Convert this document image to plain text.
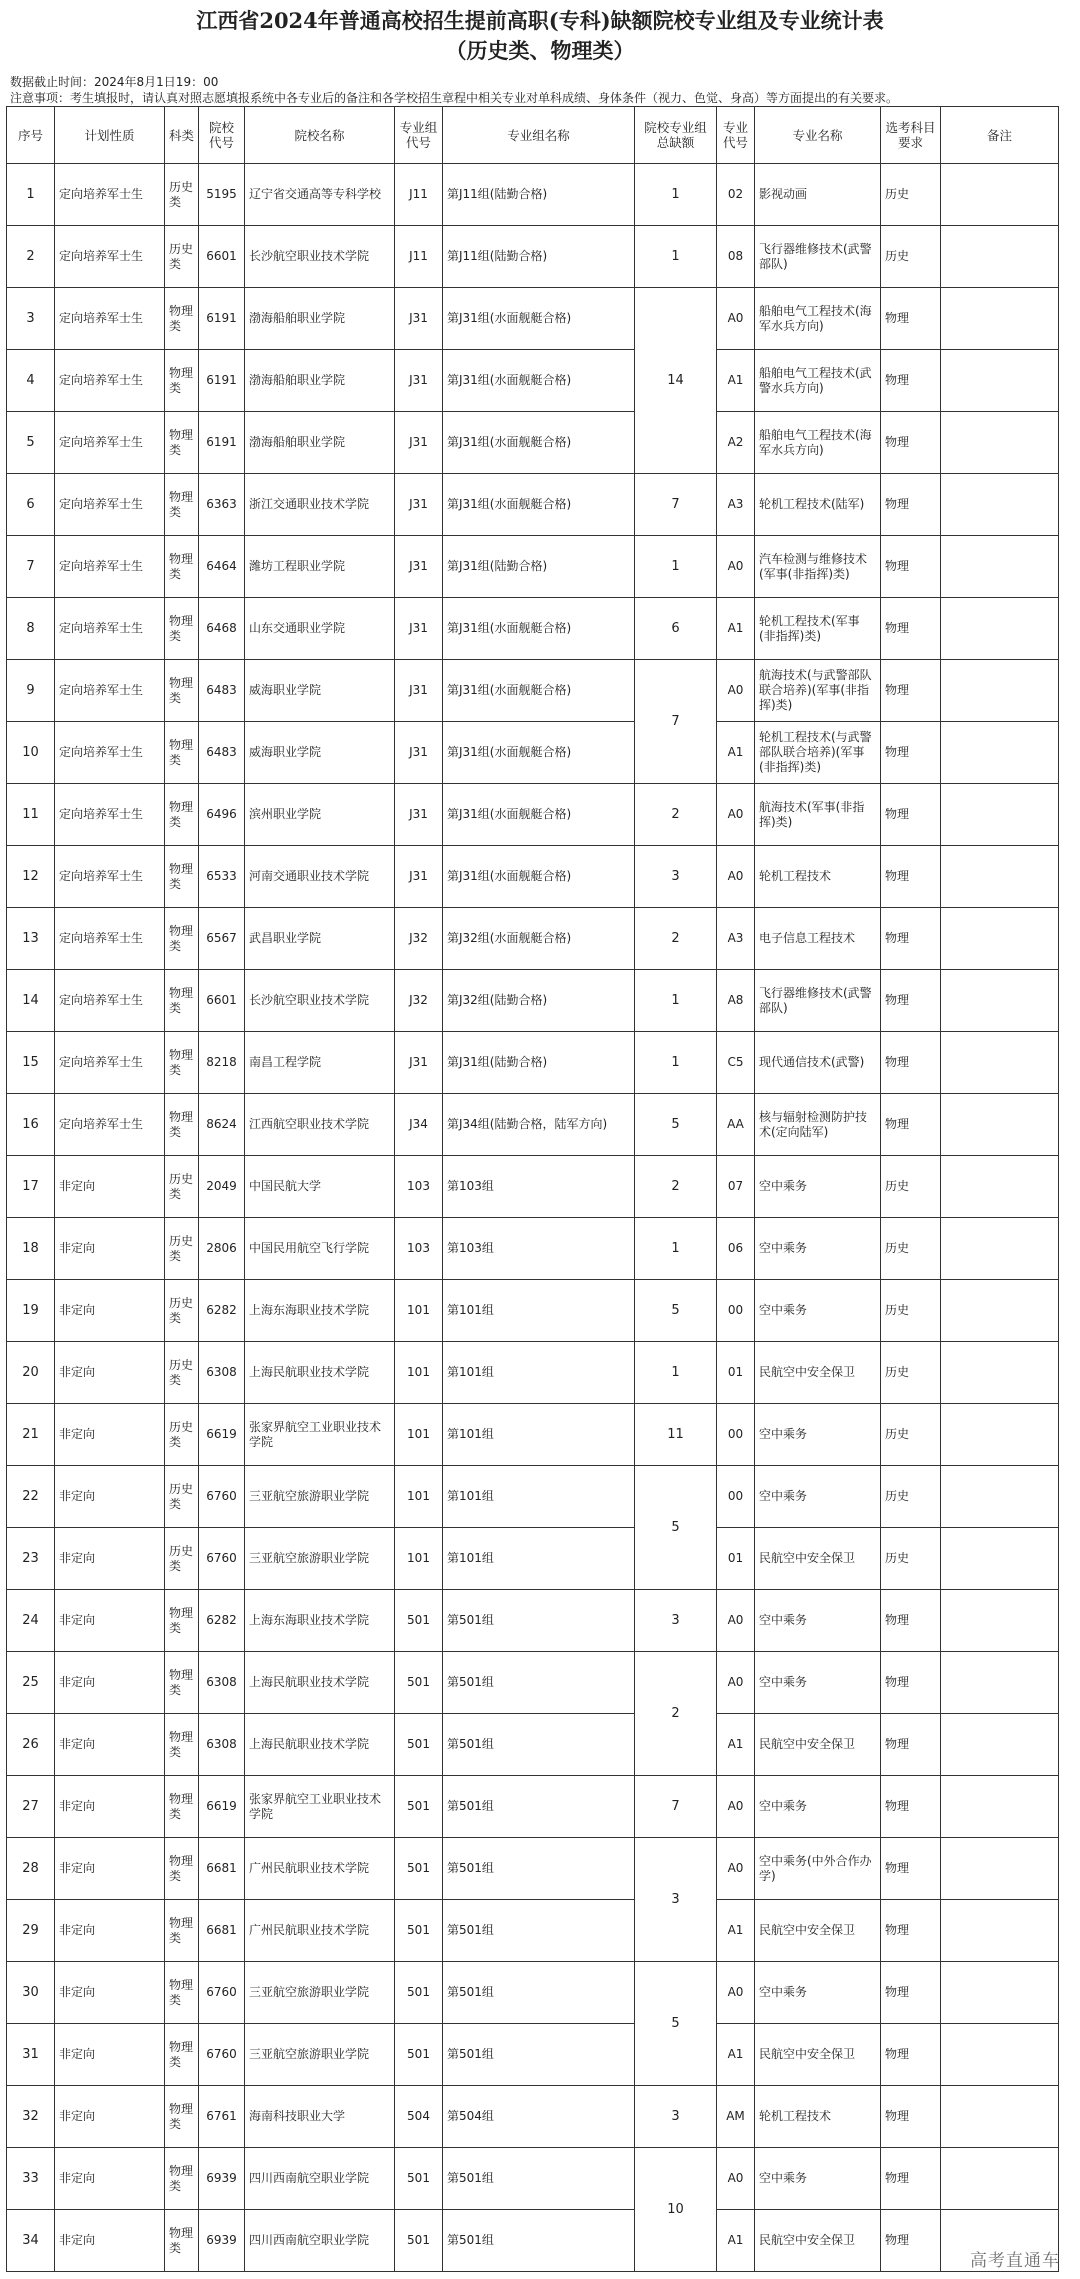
江西省2024年普通高校招生提前高职(专科)缺额院校专业组及专业统计表
（历史类、物理类）
数据截止时间：2024年8月1日19：00
注意事项：考生填报时，请认真对照志愿填报系统中各专业后的备注和各学校招生章程中相关专业对单科成绩、身体条件（视力、色觉、身高）等方面提出的有关要求。
序号	计划性质	科类	院校代号	院校名称	专业组代号	专业组名称	院校专业组总缺额	专业代号	专业名称	选考科目要求	备注
1	定向培养军士生	历史类	5195	辽宁省交通高等专科学校	J11	第J11组(陆勤合格)	1	02	影视动画	历史	
2	定向培养军士生	历史类	6601	长沙航空职业技术学院	J11	第J11组(陆勤合格)	1	08	飞行器维修技术(武警部队)	历史	
3	定向培养军士生	物理类	6191	渤海船舶职业学院	J31	第J31组(水面舰艇合格)	14	A0	船舶电气工程技术(海军水兵方向)	物理	
4	定向培养军士生	物理类	6191	渤海船舶职业学院	J31	第J31组(水面舰艇合格)		A1	船舶电气工程技术(武警水兵方向)	物理	
5	定向培养军士生	物理类	6191	渤海船舶职业学院	J31	第J31组(水面舰艇合格)		A2	船舶电气工程技术(海军水兵方向)	物理	
6	定向培养军士生	物理类	6363	浙江交通职业技术学院	J31	第J31组(水面舰艇合格)	7	A3	轮机工程技术(陆军)	物理	
7	定向培养军士生	物理类	6464	潍坊工程职业学院	J31	第J31组(陆勤合格)	1	A0	汽车检测与维修技术(军事(非指挥)类)	物理	
8	定向培养军士生	物理类	6468	山东交通职业学院	J31	第J31组(水面舰艇合格)	6	A1	轮机工程技术(军事(非指挥)类)	物理	
9	定向培养军士生	物理类	6483	威海职业学院	J31	第J31组(水面舰艇合格)	7	A0	航海技术(与武警部队联合培养)(军事(非指挥)类)	物理	
10	定向培养军士生	物理类	6483	威海职业学院	J31	第J31组(水面舰艇合格)		A1	轮机工程技术(与武警部队联合培养)(军事(非指挥)类)	物理	
11	定向培养军士生	物理类	6496	滨州职业学院	J31	第J31组(水面舰艇合格)	2	A0	航海技术(军事(非指挥)类)	物理	
12	定向培养军士生	物理类	6533	河南交通职业技术学院	J31	第J31组(水面舰艇合格)	3	A0	轮机工程技术	物理	
13	定向培养军士生	物理类	6567	武昌职业学院	J32	第J32组(水面舰艇合格)	2	A3	电子信息工程技术	物理	
14	定向培养军士生	物理类	6601	长沙航空职业技术学院	J32	第J32组(陆勤合格)	1	A8	飞行器维修技术(武警部队)	物理	
15	定向培养军士生	物理类	8218	南昌工程学院	J31	第J31组(陆勤合格)	1	C5	现代通信技术(武警)	物理	
16	定向培养军士生	物理类	8624	江西航空职业技术学院	J34	第J34组(陆勤合格，陆军方向)	5	AA	核与辐射检测防护技术(定向陆军)	物理	
17	非定向	历史类	2049	中国民航大学	103	第103组	2	07	空中乘务	历史	
18	非定向	历史类	2806	中国民用航空飞行学院	103	第103组	1	06	空中乘务	历史	
19	非定向	历史类	6282	上海东海职业技术学院	101	第101组	5	00	空中乘务	历史	
20	非定向	历史类	6308	上海民航职业技术学院	101	第101组	1	01	民航空中安全保卫	历史	
21	非定向	历史类	6619	张家界航空工业职业技术学院	101	第101组	11	00	空中乘务	历史	
22	非定向	历史类	6760	三亚航空旅游职业学院	101	第101组	5	00	空中乘务	历史	
23	非定向	历史类	6760	三亚航空旅游职业学院	101	第101组		01	民航空中安全保卫	历史	
24	非定向	物理类	6282	上海东海职业技术学院	501	第501组	3	A0	空中乘务	物理	
25	非定向	物理类	6308	上海民航职业技术学院	501	第501组	2	A0	空中乘务	物理	
26	非定向	物理类	6308	上海民航职业技术学院	501	第501组		A1	民航空中安全保卫	物理	
27	非定向	物理类	6619	张家界航空工业职业技术学院	501	第501组	7	A0	空中乘务	物理	
28	非定向	物理类	6681	广州民航职业技术学院	501	第501组	3	A0	空中乘务(中外合作办学)	物理	
29	非定向	物理类	6681	广州民航职业技术学院	501	第501组		A1	民航空中安全保卫	物理	
30	非定向	物理类	6760	三亚航空旅游职业学院	501	第501组	5	A0	空中乘务	物理	
31	非定向	物理类	6760	三亚航空旅游职业学院	501	第501组		A1	民航空中安全保卫	物理	
32	非定向	物理类	6761	海南科技职业大学	504	第504组	3	AM	轮机工程技术	物理	
33	非定向	物理类	6939	四川西南航空职业学院	501	第501组	10	A0	空中乘务	物理	
34	非定向	物理类	6939	四川西南航空职业学院	501	第501组		A1	民航空中安全保卫	物理	
高考直通车
